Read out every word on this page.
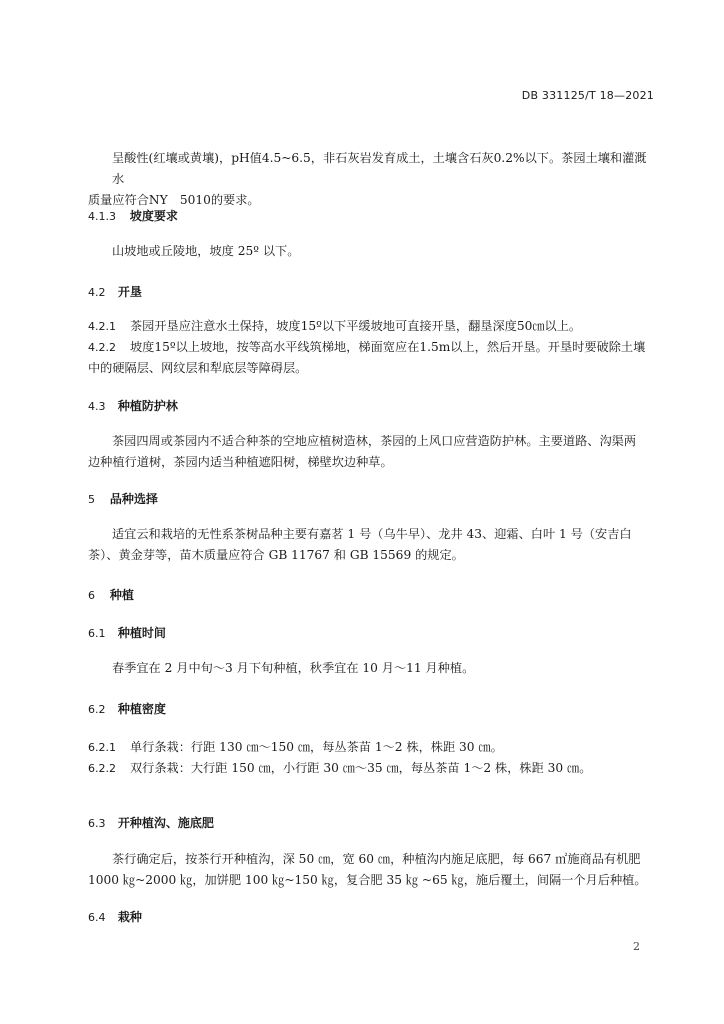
DB 331125/T 18—2021
呈酸性(红壤或黄壤)，pH值4.5~6.5，非石灰岩发育成土，土壤含石灰0.2%以下。茶园土壤和灌溉水
质量应符合NY　5010的要求。
4.1.3 坡度要求
山坡地或丘陵地，坡度 25º 以下。
4.2 开垦
4.2.1 茶园开垦应注意水土保持，坡度15º以下平缓坡地可直接开垦，翻垦深度50㎝以上。
4.2.2 坡度15º以上坡地，按等高水平线筑梯地，梯面宽应在1.5m以上，然后开垦。开垦时要破除土壤
中的硬隔层、网纹层和犁底层等障碍层。
4.3 种植防护林
茶园四周或茶园内不适合种茶的空地应植树造林，茶园的上风口应营造防护林。主要道路、沟渠两
边种植行道树，茶园内适当种植遮阳树，梯壁坎边种草。
5 品种选择
适宜云和栽培的无性系茶树品种主要有嘉茗 1 号（乌牛早）、龙井 43、迎霜、白叶 1 号（安吉白
茶）、黄金芽等，苗木质量应符合 GB 11767 和 GB 15569 的规定。
6 种植
6.1 种植时间
春季宜在 2 月中旬～3 月下旬种植，秋季宜在 10 月～11 月种植。
6.2 种植密度
6.2.1 单行条栽：行距 130 ㎝～150 ㎝，每丛茶苗 1～2 株，株距 30 ㎝。
6.2.2 双行条栽：大行距 150 ㎝，小行距 30 ㎝～35 ㎝，每丛茶苗 1～2 株，株距 30 ㎝。
6.3 开种植沟、施底肥
茶行确定后，按茶行开种植沟，深 50 ㎝，宽 60 ㎝，种植沟内施足底肥，每 667 ㎡施商品有机肥
1000 ㎏~2000 ㎏，加饼肥 100 ㎏~150 ㎏，复合肥 35 ㎏ ~65 ㎏，施后覆土，间隔一个月后种植。
6.4 栽种
2
